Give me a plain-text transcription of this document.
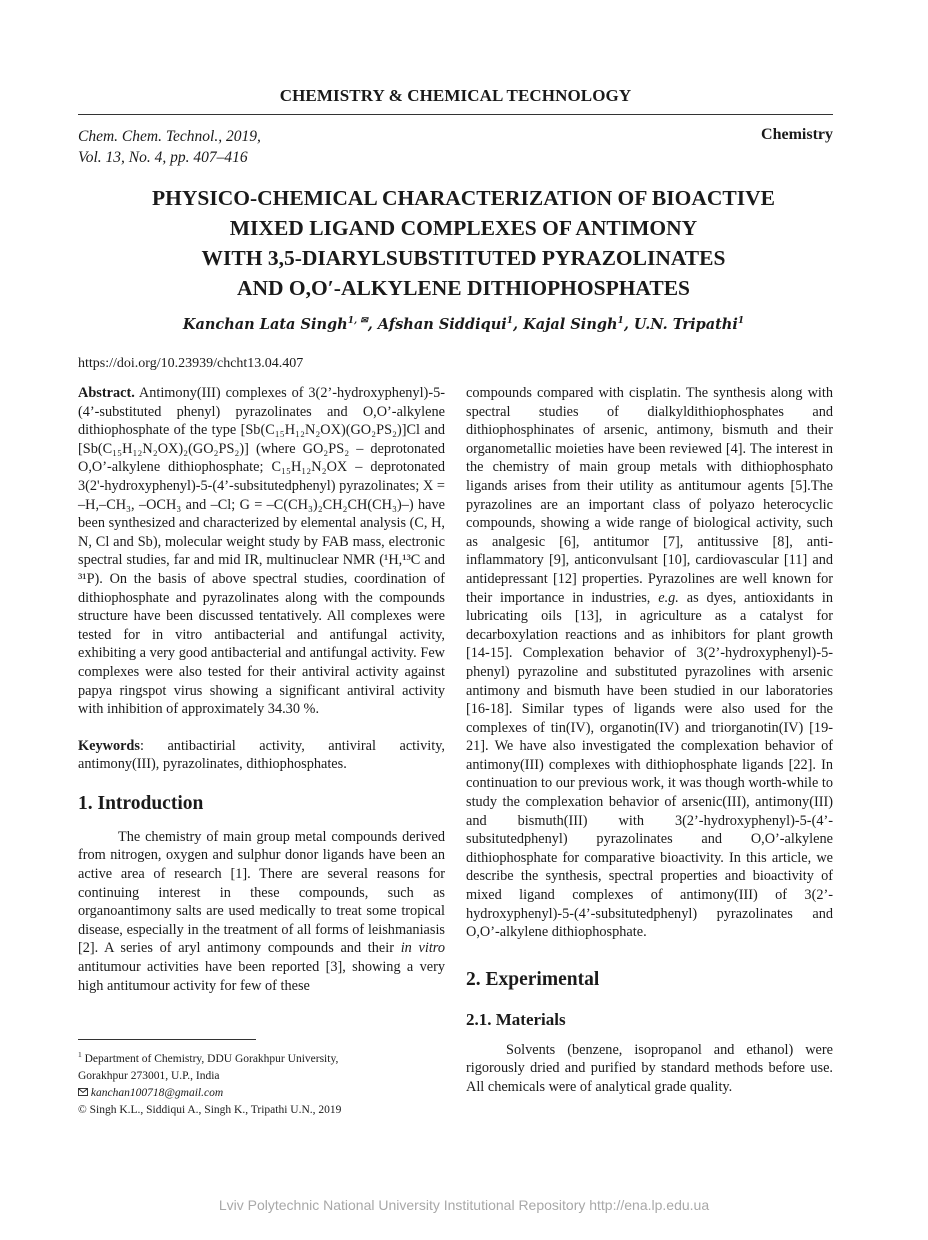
CHEMISTRY & CHEMICAL TECHNOLOGY
Chem. Chem. Technol., 2019,
Vol. 13, No. 4, pp. 407–416
Chemistry
PHYSICO-CHEMICAL CHARACTERIZATION OF BIOACTIVE
MIXED LIGAND COMPLEXES OF ANTIMONY
WITH 3,5-DIARYLSUBSTITUTED PYRAZOLINATES
AND O,O′-ALKYLENE DITHIOPHOSPHATES
Kanchan Lata Singh$^{1, ✉}$, Afshan Siddiqui$^1$, Kajal Singh$^1$, U.N. Tripathi$^1$
https://doi.org/10.23939/chcht13.04.407

Abstract. Antimony(III) complexes of 3(2’-hydroxyphenyl)-5-(4’-substituted phenyl) pyrazolinates and O,O’-alkylene dithiophosphate of the type [Sb(C₁₅H₁₂N₂OX)(GO₂PS₂)]Cl and [Sb(C₁₅H₁₂N₂OX)₂(GO₂PS₂)] (where GO₂PS₂ – deprotonated O,O’-alkylene dithiophosphate; C₁₅H₁₂N₂OX – deprotonated 3(2'-hydroxyphenyl)-5-(4’-subsitutedphenyl) pyrazolinates; X = –H,–CH₃, –OCH₃ and –Cl; G = –C(CH₃)₂CH₂CH(CH₃)–) have been synthesized and characterized by elemental analysis (C, H, N, Cl and Sb), molecular weight study by FAB mass, electronic spectral studies, far and mid IR, multinuclear NMR (¹H,¹³C and ³¹P). On the basis of above spectral studies, coordination of dithiophosphate and pyrazolinates along with the compounds structure have been discussed tentatively. All complexes were tested for in vitro antibacterial and antifungal activity, exhibiting a very good antibacterial and antifungal activity. Few complexes were also tested for their antiviral activity against papya ringspot virus showing a significant antiviral activity with inhibition of approximately 34.30 %.

Keywords: antibactirial activity, antiviral activity, antimony(III), pyrazolinates, dithiophosphates.

1. Introduction

The chemistry of main group metal compounds derived from nitrogen, oxygen and sulphur donor ligands have been an active area of research [1]. There are several reasons for continuing interest in these compounds, such as organoantimony salts are used medically to treat some tropical disease, especially in the treatment of all forms of leishmaniasis [2]. A series of aryl antimony compounds and their in vitro antitumour activities have been reported [3], showing a very high antitumour activity for few of these

$^1$ Department of Chemistry, DDU Gorakhpur University,
Gorakhpur 273001, U.P., India
kanchan100718@gmail.com
© Singh K.L., Siddiqui A., Singh K., Tripathi U.N., 2019

compounds compared with cisplatin. The synthesis along with spectral studies of dialkyldithiophosphates and dithiophosphinates of arsenic, antimony, bismuth and their organometallic moieties have been reviewed [4]. The interest in the chemistry of main group metals with dithiophosphato ligands arises from their utility as antitumour agents [5].The pyrazolines are an important class of polyazo heterocyclic compounds, showing a wide range of biological activity, such as analgesic [6], antitumor [7], antitussive [8], anti-inflammatory [9], anticonvulsant [10], cardiovascular [11] and antidepressant [12] properties. Pyrazolines are well known for their importance in industries, e.g. as dyes, antioxidants in lubricating oils [13], in agriculture as a catalyst for decarboxylation reactions and as inhibitors for plant growth [14-15]. Complexation behavior of 3(2’-hydroxyphenyl)-5-phenyl) pyrazoline and substituted pyrazolines with arsenic antimony and bismuth have been studied in our laboratories [16-18]. Similar types of ligands were also used for the complexes of tin(IV), organotin(IV) and triorganotin(IV) [19-21]. We have also investigated the complexation behavior of antimony(III) complexes with dithiophosphate ligands [22]. In continuation to our previous work, it was though worth-while to study the complexation behavior of arsenic(III), antimony(III) and bismuth(III) with 3(2’-hydroxyphenyl)-5-(4’-subsitutedphenyl) pyrazolinates and O,O’-alkylene dithiophosphate for comparative bioactivity. In this article, we describe the synthesis, spectral properties and bioactivity of mixed ligand complexes of antimony(III) of 3(2’-hydroxyphenyl)-5-(4’-subsitutedphenyl) pyrazolinates and O,O’-alkylene dithiophosphate.

2. Experimental
2.1. Materials

Solvents (benzene, isopropanol and ethanol) were rigorously dried and purified by standard methods before use. All chemicals were of analytical grade quality.

Lviv Polytechnic National University Institutional Repository http://ena.lp.edu.ua
